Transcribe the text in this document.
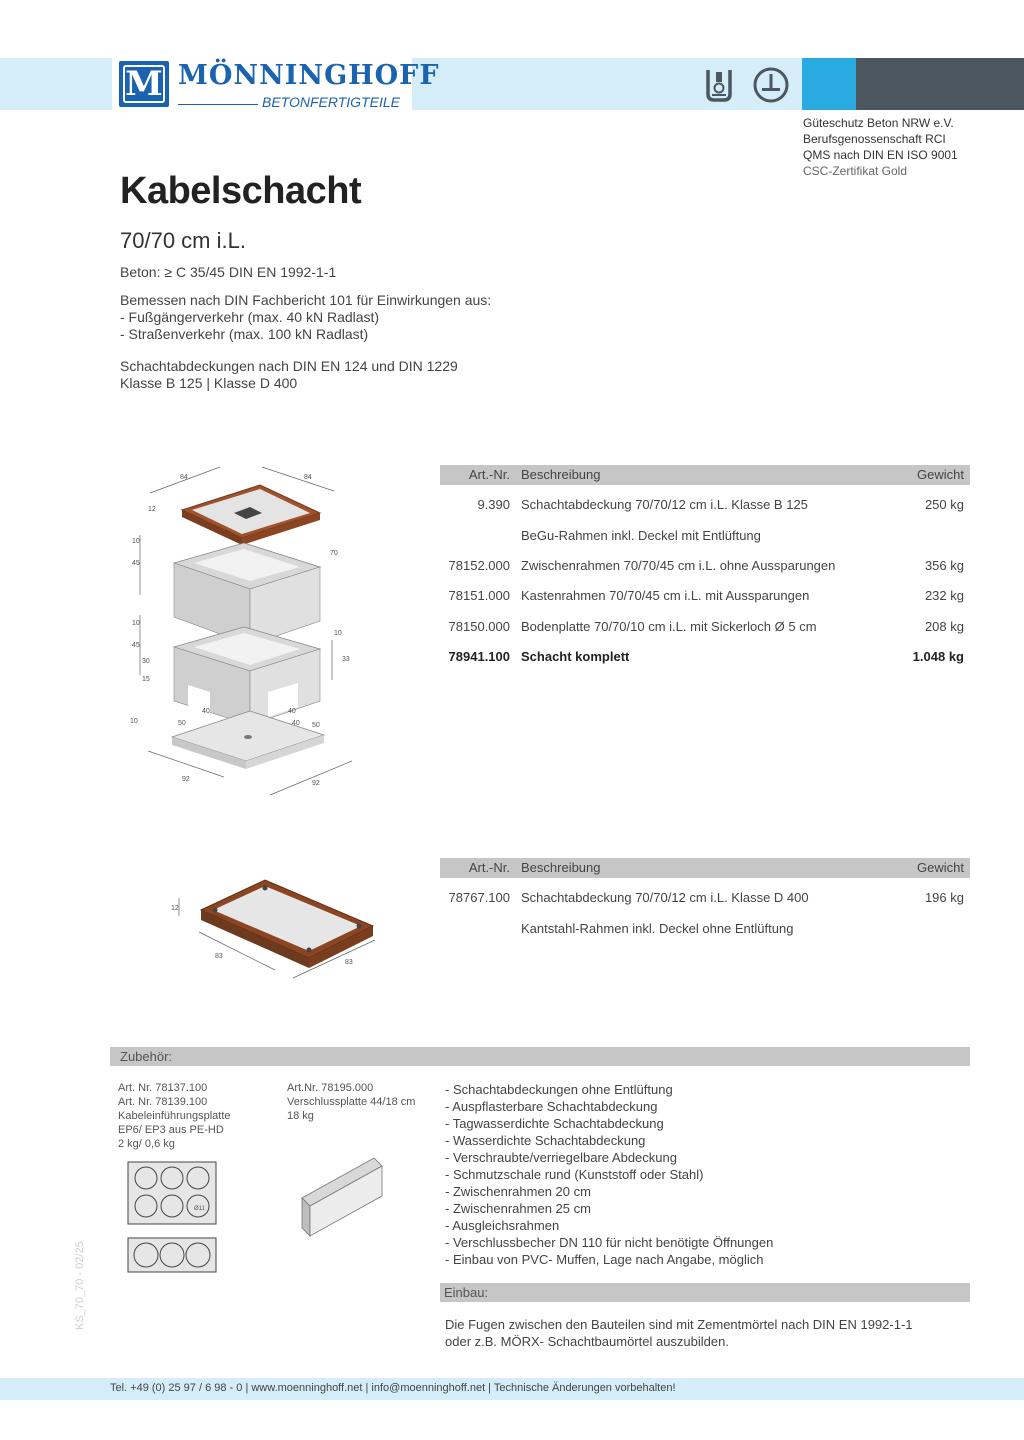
M MÖNNINGHOFF
BETONFERTIGTEILE
Güteschutz Beton NRW e.V.
Berufsgenossenschaft RCI
QMS nach DIN EN ISO 9001
CSC-Zertifikat Gold
Kabelschacht
70/70 cm i.L.
Beton: ≥ C 35/45 DIN EN 1992-1-1
Bemessen nach DIN Fachbericht 101 für Einwirkungen aus:
- Fußgängerverkehr (max. 40 kN Radlast)
- Straßenverkehr (max. 100 kN Radlast)
Schachtabdeckungen nach DIN EN 124 und DIN 1229
Klasse B 125 | Klasse D 400
84	84
12
10
45
70
10
45
30
15
10
33
10
40	40
50	40 50
92
92
Art.-Nr. Beschreibung	Gewicht
9.390 Schachtabdeckung 70/70/12 cm i.L. Klasse B 125	250 kg
BeGu-Rahmen inkl. Deckel mit Entlüftung
78152.000 Zwischenrahmen 70/70/45 cm i.L. ohne Aussparungen	356 kg
78151.000 Kastenrahmen 70/70/45 cm i.L. mit Aussparungen	232 kg
78150.000 Bodenplatte 70/70/10 cm i.L. mit Sickerloch Ø 5 cm	208 kg
78941.100 Schacht komplett	1.048 kg
12
83
83
Art.-Nr. Beschreibung	Gewicht
78767.100 Schachtabdeckung 70/70/12 cm i.L. Klasse D 400	196 kg
Kantstahl-Rahmen inkl. Deckel ohne Entlüftung
Zubehör:
Art. Nr. 78137.100
Art. Nr. 78139.100
Kabeleinführungsplatte
EP6/ EP3 aus PE-HD
2 kg/ 0,6 kg
Art.Nr. 78195.000
Verschlussplatte 44/18 cm
18 kg
Ø11
- Schachtabdeckungen ohne Entlüftung
- Auspflasterbare Schachtabdeckung
- Tagwasserdichte Schachtabdeckung
- Wasserdichte Schachtabdeckung
- Verschraubte/verriegelbare Abdeckung
- Schmutzschale rund (Kunststoff oder Stahl)
- Zwischenrahmen 20 cm
- Zwischenrahmen 25 cm
- Ausgleichsrahmen
- Verschlussbecher DN 110 für nicht benötigte Öffnungen
- Einbau von PVC- Muffen, Lage nach Angabe, möglich
Einbau:
Die Fugen zwischen den Bauteilen sind mit Zementmörtel nach DIN EN 1992-1-1
oder z.B. MÖRX- Schachtbaumörtel auszubilden.
KS_70_70 - 02/25
Tel. +49 (0) 25 97 / 6 98 - 0 | www.moenninghoff.net | info@moenninghoff.net | Technische Änderungen vorbehalten!
